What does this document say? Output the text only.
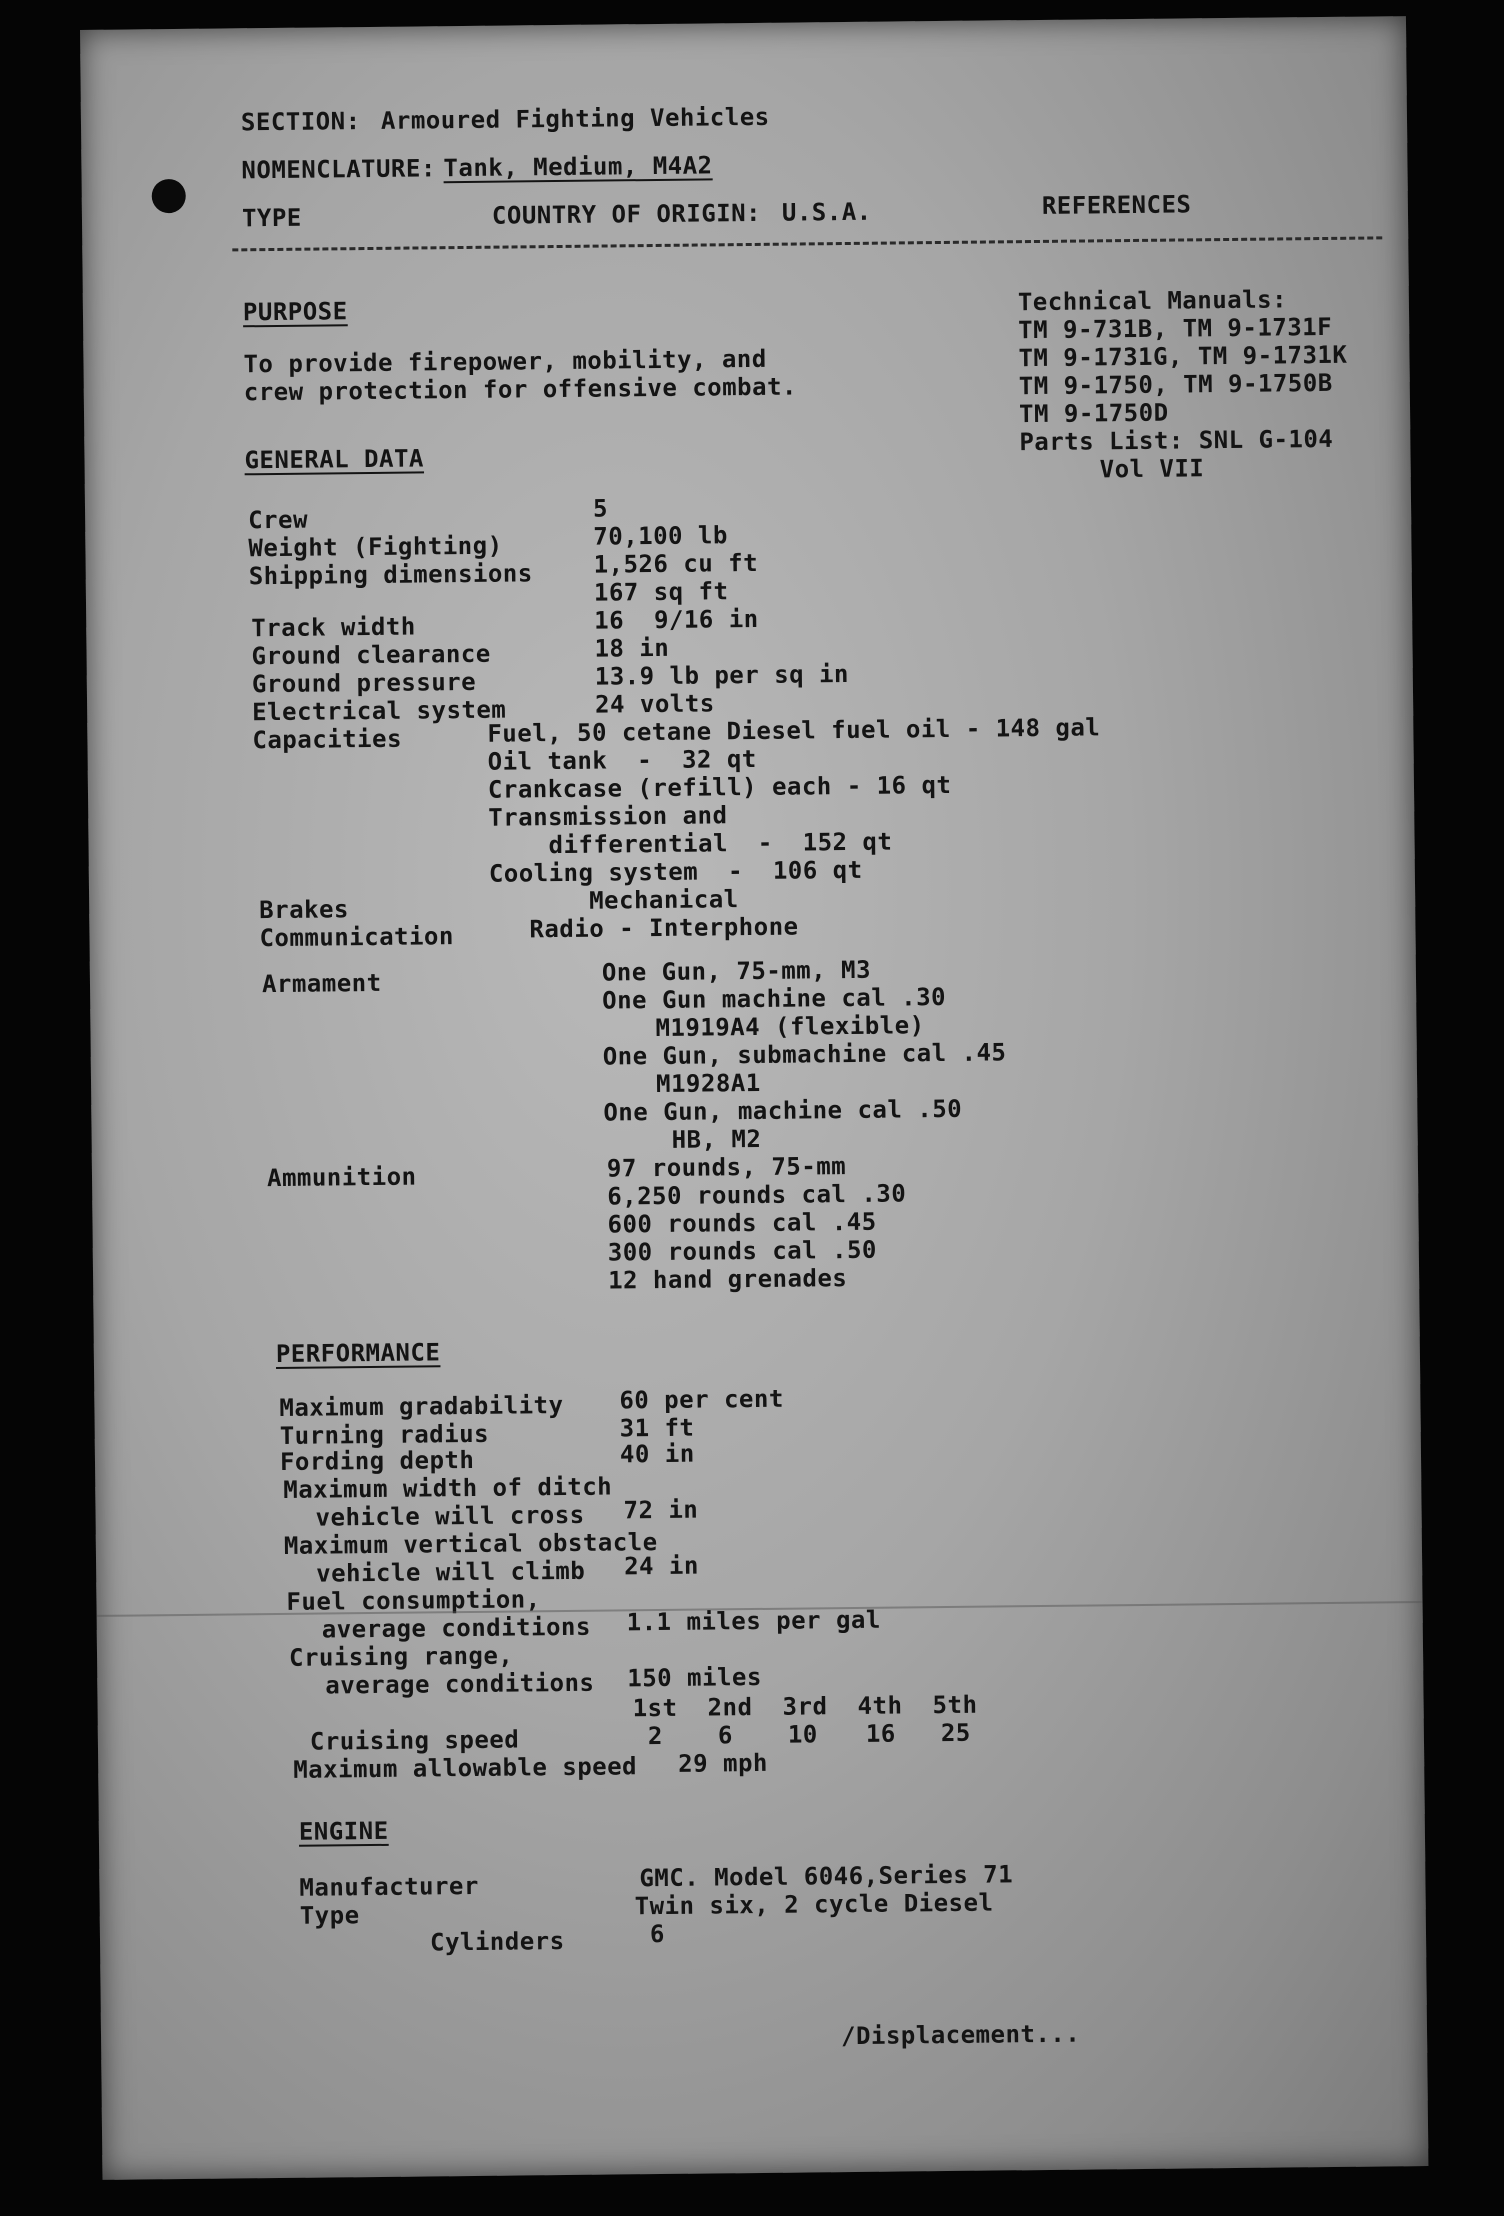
SECTION: Armoured Fighting Vehicles
NOMENCLATURE: Tank, Medium, M4A2
TYPE	COUNTRY OF ORIGIN: U.S.A.	REFERENCES
PURPOSE
To provide firepower, mobility, and
crew protection for offensive combat.
Technical Manuals:
TM 9-731B, TM 9-1731F
TM 9-1731G, TM 9-1731K
TM 9-1750, TM 9-1750B
TM 9-1750D
Parts List: SNL G-104
Vol VII
GENERAL DATA
Crew	5
Weight (Fighting)	70,100 lb
Shipping dimensions	1,526 cu ft
167 sq ft
Track width	16  9/16 in
Ground clearance	18 in
Ground pressure	13.9 lb per sq in
Electrical system	24 volts
Capacities	Fuel, 50 cetane Diesel fuel oil - 148 gal
Oil tank  -  32 qt
Crankcase (refill) each - 16 qt
Transmission and
differential  -  152 qt
Cooling system  -  106 qt
Brakes	Mechanical
Communication	Radio - Interphone
Armament	One Gun, 75-mm, M3
One Gun machine cal .30
M1919A4 (flexible)
One Gun, submachine cal .45
M1928A1
One Gun, machine cal .50
HB, M2
Ammunition	97 rounds, 75-mm
6,250 rounds cal .30
600 rounds cal .45
300 rounds cal .50
12 hand grenades
PERFORMANCE
Maximum gradability 60 per cent
Turning radius	31 ft
Fording depth	40 in
Maximum width of ditch
vehicle will cross 72 in
Maximum vertical obstacle
vehicle will climb 24 in
Fuel consumption,
average conditions 1.1 miles per gal
Cruising range,
average conditions 150 miles
1st 2nd 3rd 4th 5th
Cruising speed	2 6 10 16 25
Maximum allowable speed 29 mph
ENGINE
Manufacturer	GMC. Model 6046,Series 71
Type	Twin six, 2 cycle Diesel
Cylinders	6
/Displacement...
